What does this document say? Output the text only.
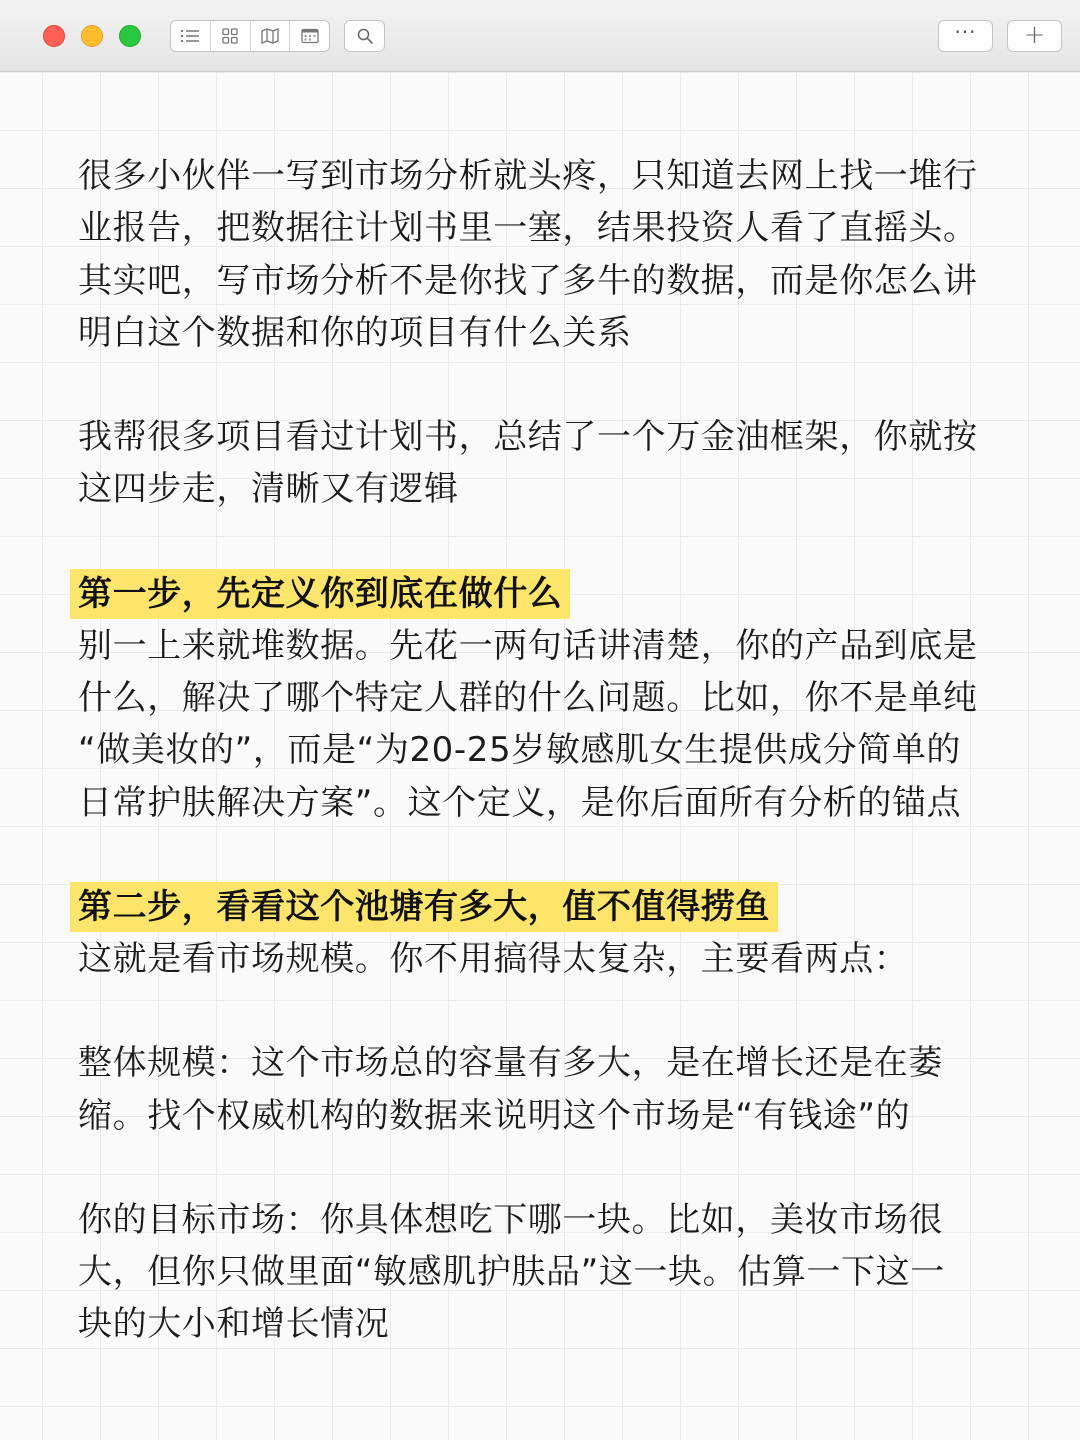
··· +

很多小伙伴一写到市场分析就头疼，只知道去网上找一堆行
业报告，把数据往计划书里一塞，结果投资人看了直摇头。
其实吧，写市场分析不是你找了多牛的数据，而是你怎么讲
明白这个数据和你的项目有什么关系

我帮很多项目看过计划书，总结了一个万金油框架，你就按
这四步走，清晰又有逻辑

第一步，先定义你到底在做什么

别一上来就堆数据。先花一两句话讲清楚，你的产品到底是
什么，解决了哪个特定人群的什么问题。比如，你不是单纯
“做美妆的”，而是“为20-25岁敏感肌女生提供成分简单的
日常护肤解决方案”。这个定义，是你后面所有分析的锚点

第二步，看看这个池塘有多大，值不值得捞鱼

这就是看市场规模。你不用搞得太复杂，主要看两点：

整体规模：这个市场总的容量有多大，是在增长还是在萎
缩。找个权威机构的数据来说明这个市场是“有钱途”的

你的目标市场：你具体想吃下哪一块。比如，美妆市场很
大，但你只做里面“敏感肌护肤品”这一块。估算一下这一
块的大小和增长情况
